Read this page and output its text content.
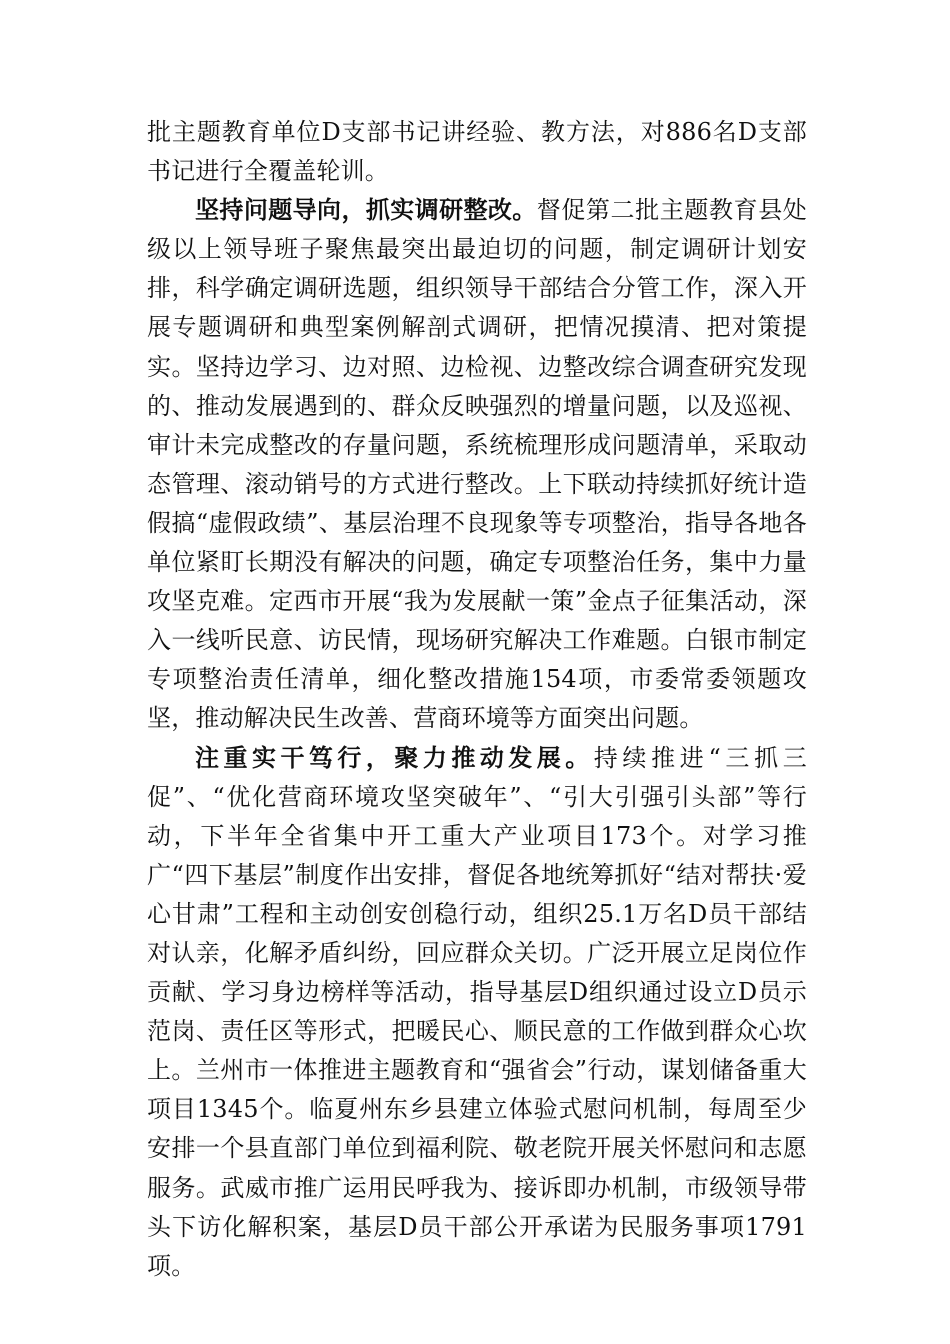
批主题教育单位D支部书记讲经验、教方法，对886名D支部书记进行全覆盖轮训。

坚持问题导向，抓实调研整改。督促第二批主题教育县处级以上领导班子聚焦最突出最迫切的问题，制定调研计划安排，科学确定调研选题，组织领导干部结合分管工作，深入开展专题调研和典型案例解剖式调研，把情况摸清、把对策提实。坚持边学习、边对照、边检视、边整改综合调查研究发现的、推动发展遇到的、群众反映强烈的增量问题，以及巡视、审计未完成整改的存量问题，系统梳理形成问题清单，采取动态管理、滚动销号的方式进行整改。上下联动持续抓好统计造假搞“虚假政绩”、基层治理不良现象等专项整治，指导各地各单位紧盯长期没有解决的问题，确定专项整治任务，集中力量攻坚克难。定西市开展“我为发展献一策”金点子征集活动，深入一线听民意、访民情，现场研究解决工作难题。白银市制定专项整治责任清单，细化整改措施154项，市委常委领题攻坚，推动解决民生改善、营商环境等方面突出问题。

注重实干笃行，聚力推动发展。持续推进“三抓三促”、“优化营商环境攻坚突破年”、“引大引强引头部”等行动，下半年全省集中开工重大产业项目173个。对学习推广“四下基层”制度作出安排，督促各地统筹抓好“结对帮扶·爱心甘肃”工程和主动创安创稳行动，组织25.1万名D员干部结对认亲，化解矛盾纠纷，回应群众关切。广泛开展立足岗位作贡献、学习身边榜样等活动，指导基层D组织通过设立D员示范岗、责任区等形式，把暖民心、顺民意的工作做到群众心坎上。兰州市一体推进主题教育和“强省会”行动，谋划储备重大项目1345个。临夏州东乡县建立体验式慰问机制，每周至少安排一个县直部门单位到福利院、敬老院开展关怀慰问和志愿服务。武威市推广运用民呼我为、接诉即办机制，市级领导带头下访化解积案，基层D员干部公开承诺为民服务事项1791项。
